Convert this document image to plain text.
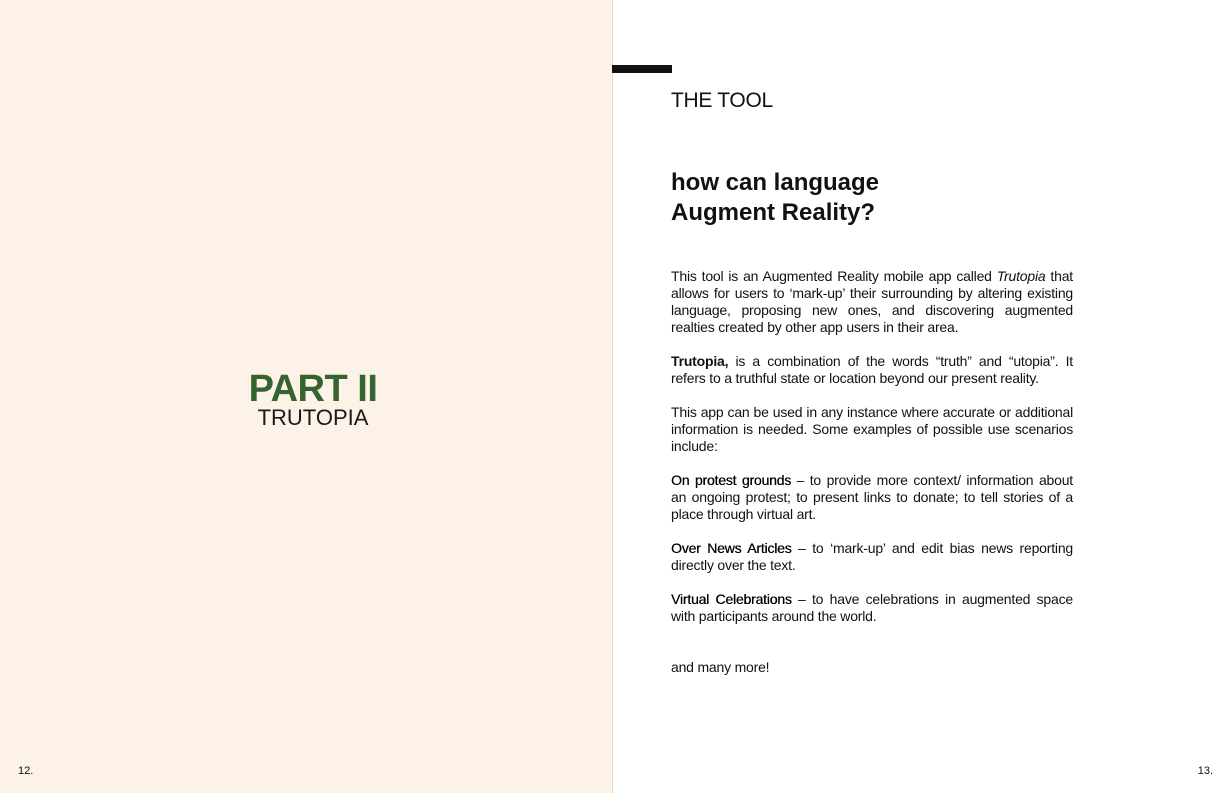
PART II
TRUTOPIA
12.
THE TOOL
how can language
Augment Reality?

This tool is an Augmented Reality mobile app called Trutopia that allows for users to ‘mark-up’ their surrounding by altering existing language, proposing new ones, and discovering augmented realties created by other app users in their area.

Trutopia, is a combination of the words “truth” and “utopia”. It refers to a truthful state or location beyond our present reality.

This app can be used in any instance where accurate or additional information is needed. Some examples of possible use scenarios include:

On protest grounds – to provide more context/ information about an ongoing protest; to present links to donate; to tell stories of a place through virtual art.

Over News Articles – to ‘mark-up’ and edit bias news reporting directly over the text.

Virtual Celebrations – to have celebrations in augmented space with participants around the world.

and many more!

13.
